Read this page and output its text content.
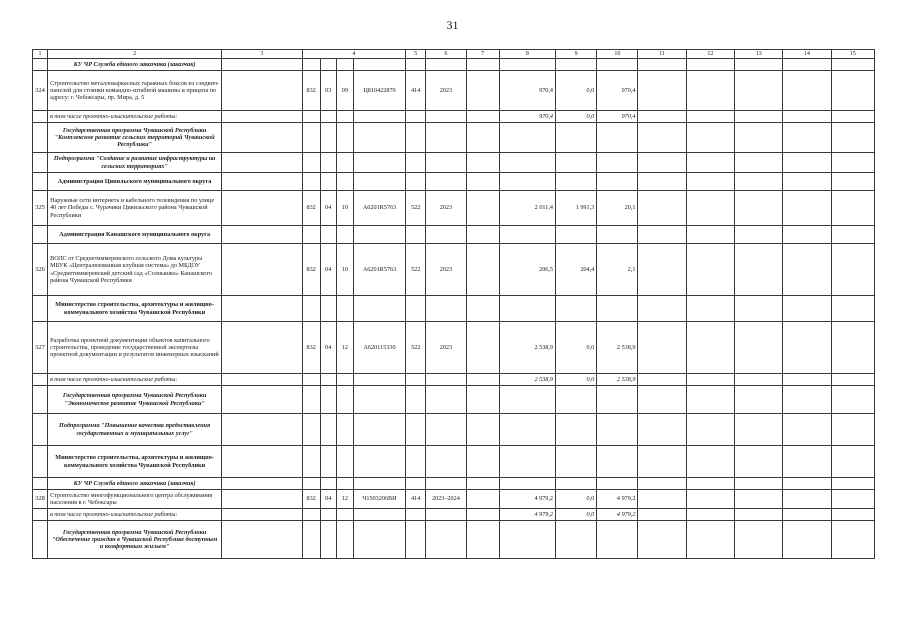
31
1	2	3	4				5	6	7	8	9	10	11	12	13	14	15
	КУ ЧР Служба единого заказчика (заказчик)																
324	Строительство металлокаркасных гаражных боксов из сэндвич-панелей для стоянки командно-штабной машины и прицепа по адресу: г. Чебоксары, пр. Мира, д. 5		832	03	09	Ц810422870	414	2023		970,4	0,0	970,4					
	в том числе проектно-изыскательские работы:									970,4	0,0	970,4					
	Государственная программа Чувашской Республики "Комплексное развитие сельских территорий Чувашской Республики"																
	Подпрограмма "Создание и развитие инфраструктуры на сельских территориях"																
	Администрация Цивильского муниципального округа																
325	Наружные сети интернета и кабельного телевидения по улице 40 лет Победы с. Чурачики Цивильского района Чувашской Республики		832	04	10	А6201R5763	522	2023		2 011,4	1 991,3	20,1					
	Администрация Канашского муниципального округа																
326	ВОЛС от Среднетиммеревского сельского Дома культуры МБУК «Централизованная клубная система» до МБДОУ «Среднетиммеревский детский сад «Солнышко» Канашского района Чувашской Республики		832	04	10	А6201R5763	522	2023		206,5	204,4	2,1					
	Министерство строительства, архитектуры и жилищно-коммунального хозяйства Чувашской Республики																
327	Разработка проектной документации объектов капитального строительства, проведение государственной экспертизы проектной документации и результатов инженерных изысканий		832	04	12	А620115330	522	2023		2 538,9	0,0	2 538,9					
	в том числе проектно-изыскательские работы:									2 538,9	0,0	2 538,9					
	Государственная программа Чувашской Республики "Экономическое развитие Чувашской Республики"																
	Подпрограмма "Повышение качества предоставления государственных и муниципальных услуг"																
	Министерство строительства, архитектуры и жилищно-коммунального хозяйства Чувашской Республики																
	КУ ЧР Служба единого заказчика (заказчик)																
328	Строительство многофункционального центра обслуживания населения в г. Чебоксары		832	04	12	Ч1503206ВИ	414	2023–2024		4 979,2	0,0	4 979,2					
	в том числе проектно-изыскательские работы:									4 979,2	0,0	4 979,2					
	Государственная программа Чувашской Республики "Обеспечение граждан в Чувашской Республике доступным и комфортным жильем"																
